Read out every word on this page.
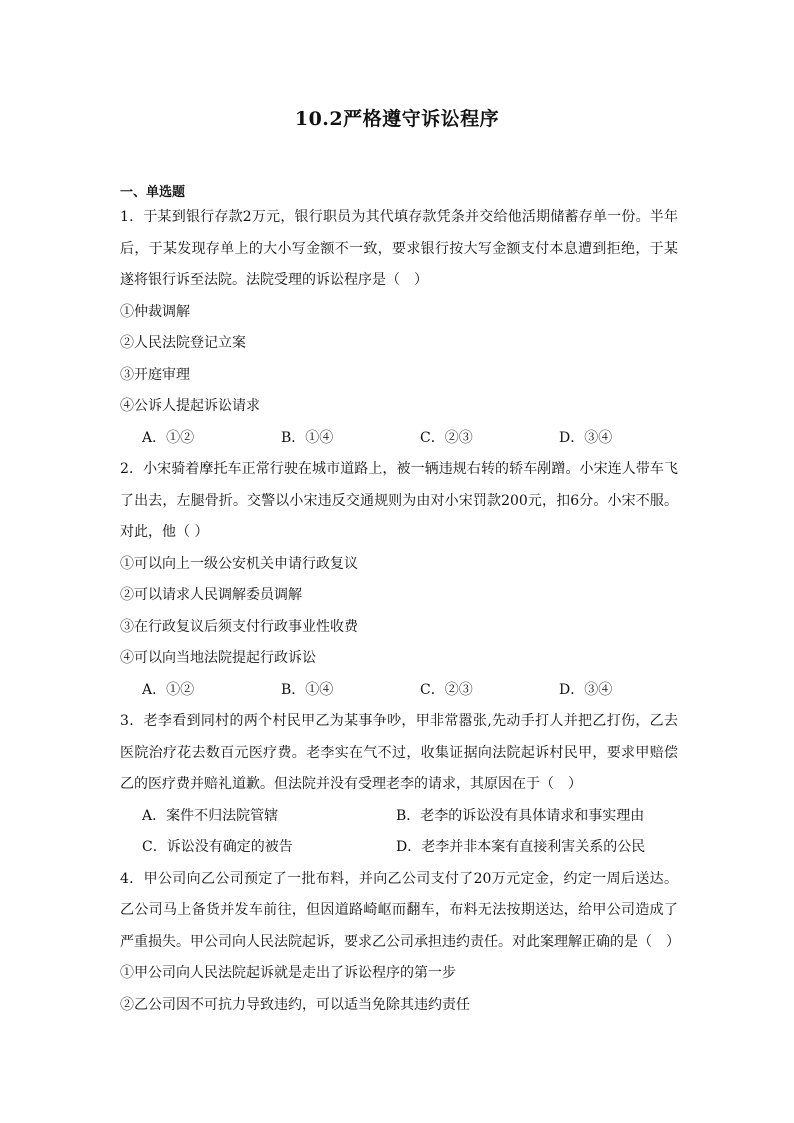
10.2严格遵守诉讼程序
一、单选题

1．于某到银行存款2万元，银行职员为其代填存款凭条并交给他活期储蓄存单一份。半年后，于某发现存单上的大小写金额不一致，要求银行按大写金额支付本息遭到拒绝，于某遂将银行诉至法院。法院受理的诉讼程序是（　）

①仲裁调解

②人民法院登记立案

③开庭审理

④公诉人提起诉讼请求

A．①②	B．①④	C．②③	D．③④

2．小宋骑着摩托车正常行驶在城市道路上，被一辆违规右转的轿车剐蹭。小宋连人带车飞了出去，左腿骨折。交警以小宋违反交通规则为由对小宋罚款200元，扣6分。小宋不服。对此，他（ ）

①可以向上一级公安机关申请行政复议

②可以请求人民调解委员调解

③在行政复议后须支付行政事业性收费

④可以向当地法院提起行政诉讼

A．①②	B．①④	C．②③	D．③④

3．老李看到同村的两个村民甲乙为某事争吵，甲非常嚣张,先动手打人并把乙打伤，乙去医院治疗花去数百元医疗费。老李实在气不过，收集证据向法院起诉村民甲，要求甲赔偿乙的医疗费并赔礼道歉。但法院并没有受理老李的请求，其原因在于（　）

A．案件不归法院管辖	B．老李的诉讼没有具体请求和事实理由
C．诉讼没有确定的被告	D．老李并非本案有直接利害关系的公民

4．甲公司向乙公司预定了一批布料，并向乙公司支付了20万元定金，约定一周后送达。乙公司马上备货并发车前往，但因道路崎岖而翻车，布料无法按期送达，给甲公司造成了严重损失。甲公司向人民法院起诉，要求乙公司承担违约责任。对此案理解正确的是（　）

①甲公司向人民法院起诉就是走出了诉讼程序的第一步

②乙公司因不可抗力导致违约，可以适当免除其违约责任
